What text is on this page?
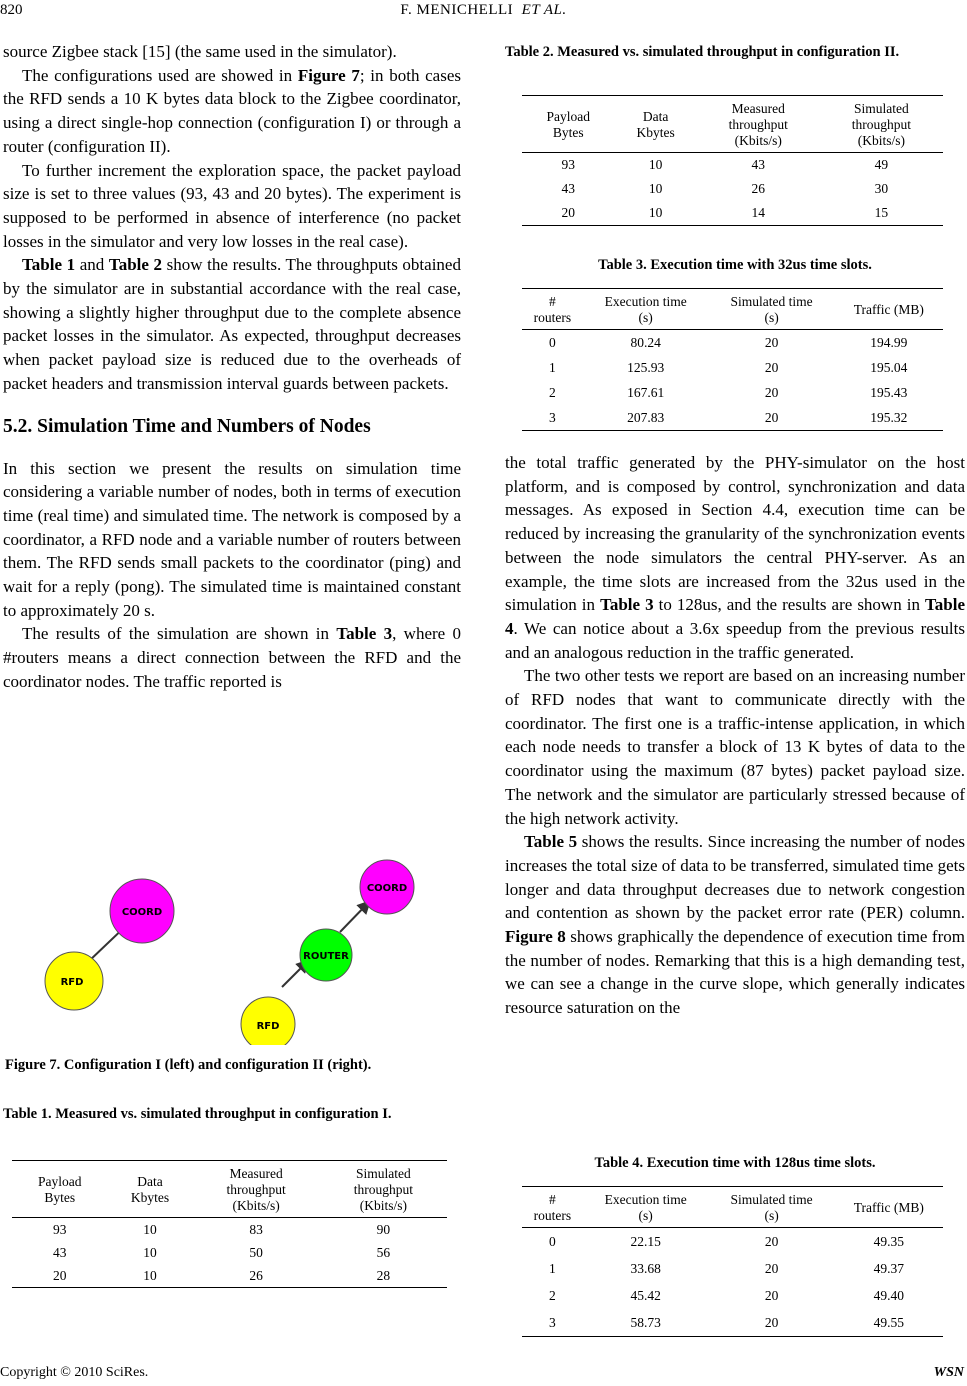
820	F. MENICHELLI ET AL.

source Zigbee stack [15] (the same used in the simulator).

The configurations used are showed in Figure 7; in both cases the RFD sends a 10 K bytes data block to the Zigbee coordinator, using a direct single-hop connection (configuration I) or through a router (configuration II).

To further increment the exploration space, the packet payload size is set to three values (93, 43 and 20 bytes). The experiment is supposed to be performed in absence of interference (no packet losses in the simulator and very low losses in the real case).

Table 1 and Table 2 show the results. The throughputs obtained by the simulator are in substantial accordance with the real case, showing a slightly higher throughput due to the complete absence packet losses in the simulator. As expected, throughput decreases when packet payload size is reduced due to the overheads of packet headers and transmission interval guards between packets.

5.2. Simulation Time and Numbers of Nodes

In this section we present the results on simulation time considering a variable number of nodes, both in terms of execution time (real time) and simulated time. The network is composed by a coordinator, a RFD node and a variable number of routers between them. The RFD sends small packets to the coordinator (ping) and wait for a reply (pong). The simulated time is maintained constant to approximately 20 s.

The results of the simulation are shown in Table 3, where 0 #routers means a direct connection between the RFD and the coordinator nodes. The traffic reported is

COORD
RFD
COORD
ROUTER
RFD

Figure 7. Configuration I (left) and configuration II (right).

Table 1. Measured vs. simulated throughput in configuration I.

Payload
Bytes	Data
Kbytes	Measured
throughput
(Kbits/s)	Simulated
throughput
(Kbits/s)
93	10	83	90
43	10	50	56
20	10	26	28

Table 2. Measured vs. simulated throughput in configuration II.

Payload
Bytes	Data
Kbytes	Measured
throughput
(Kbits/s)	Simulated
throughput
(Kbits/s)
93	10	43	49
43	10	26	30
20	10	14	15

Table 3. Execution time with 32us time slots.

#
routers	Execution time
(s)	Simulated time
(s)	Traffic (MB)
0	80.24	20	194.99
1	125.93	20	195.04
2	167.61	20	195.43
3	207.83	20	195.32

the total traffic generated by the PHY-simulator on the host platform, and is composed by control, synchronization and data messages. As exposed in Section 4.4, execution time can be reduced by increasing the granularity of the synchronization events between the node simulators the central PHY-server. As an example, the time slots are increased from the 32us used in the simulation in Table 3 to 128us, and the results are shown in Table 4. We can notice about a 3.6x speedup from the previous results and an analogous reduction in the traffic generated.

The two other tests we report are based on an increasing number of RFD nodes that want to communicate directly with the coordinator. The first one is a traffic-intense application, in which each node needs to transfer a block of 13 K bytes of data to the coordinator using the maximum (87 bytes) packet payload size. The network and the simulator are particularly stressed because of the high network activity.

Table 5 shows the results. Since increasing the number of nodes increases the total size of data to be transferred, simulated time gets longer and data throughput decreases due to network congestion and contention as shown by the packet error rate (PER) column. Figure 8 shows graphically the dependence of execution time from the number of nodes. Remarking that this is a high demanding test, we can see a change in the curve slope, which generally indicates resource saturation on the

Table 4. Execution time with 128us time slots.

#
routers	Execution time
(s)	Simulated time
(s)	Traffic (MB)
0	22.15	20	49.35
1	33.68	20	49.37
2	45.42	20	49.40
3	58.73	20	49.55
Copyright © 2010 SciRes.	WSN
